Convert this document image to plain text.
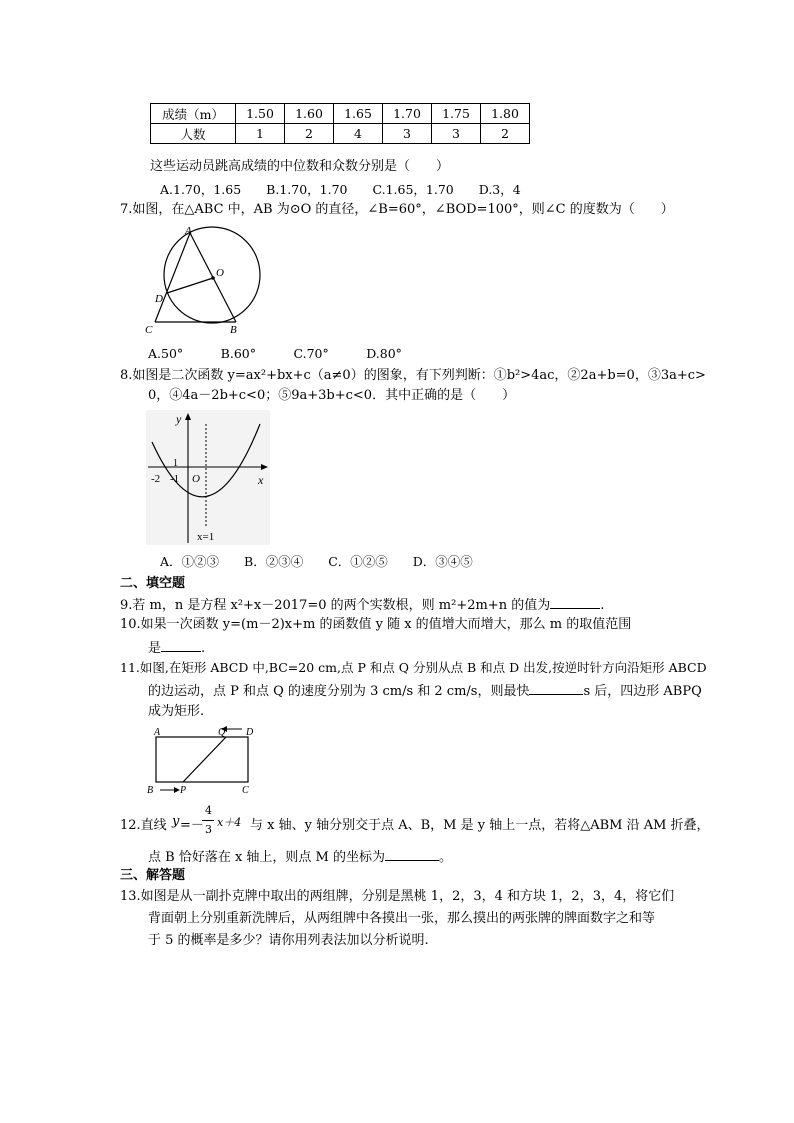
成绩（m）	1.50	1.60	1.65	1.70	1.75	1.80
人数	1	2	4	3	3	2
这些运动员跳高成绩的中位数和众数分别是（　　）
A.1.70，1.65　　B.1.70，1.70　　C.1.65，1.70　　D.3，4
7.如图，在△ABC 中，AB 为⊙O 的直径，∠B=60°，∠BOD=100°，则∠C 的度数为（　　）
A
O
D
C	B
A.50°　　　B.60°　　　C.70°　　　D.80°
8.如图是二次函数 y=ax²+bx+c（a≠0）的图象，有下列判断：①b²>4ac，②2a+b=0，③3a+c>
0，④4a－2b+c<0；⑤9a+3b+c<0．其中正确的是（　　）
-2 -1
1
O	x
y
x=1
A．①②③　　B．②③④　　C．①②⑤　　D．③④⑤
二、填空题
9.若 m，n 是方程 x²+x－2017=0 的两个实数根，则 m²+2m+n 的值为	.
10.如果一次函数 y=(m－2)x+m 的函数值 y 随 x 的值增大而增大，那么 m 的取值范围
是	.
11.如图,在矩形 ABCD 中,BC=20 cm,点 P 和点 Q 分别从点 B 和点 D 出发,按逆时针方向沿矩形 ABCD
的边运动，点 P 和点 Q 的速度分别为 3 cm/s 和 2 cm/s，则最快	s 后，四边形 ABPQ
成为矩形.
A	Q D
B	P	C
12.直线 y =－
4
3
x＋4 与 x 轴、y 轴分别交于点 A、B，M 是 y 轴上一点，若将△ABM 沿 AM 折叠，
点 B 恰好落在 x 轴上，则点 M 的坐标为	。
三、解答题
13.如图是从一副扑克牌中取出的两组牌，分别是黑桃 1，2，3，4 和方块 1，2，3，4，将它们
背面朝上分别重新洗牌后，从两组牌中各摸出一张，那么摸出的两张牌的牌面数字之和等
于 5 的概率是多少？请你用列表法加以分析说明.
